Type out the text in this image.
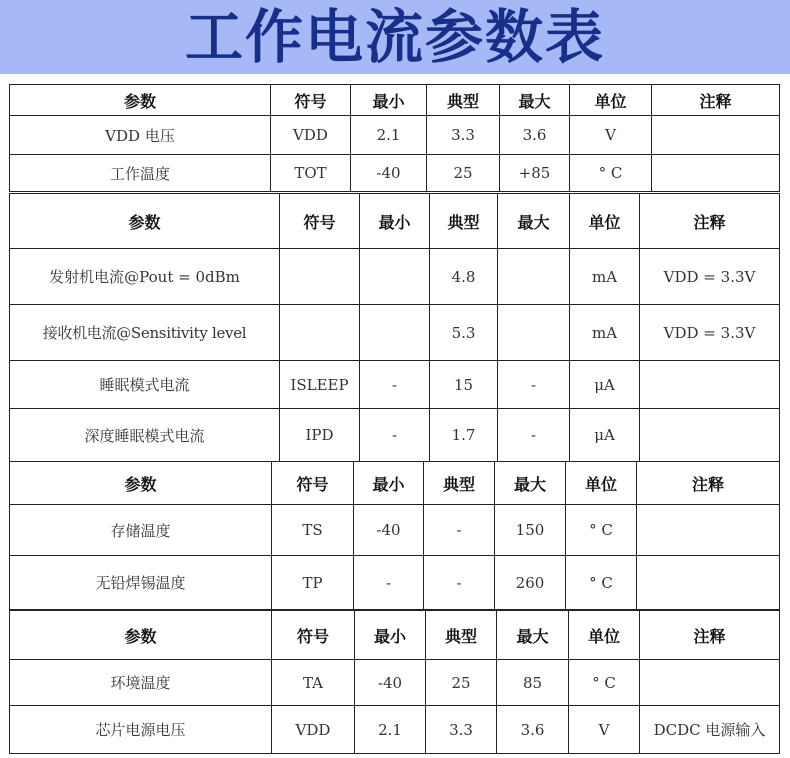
工作电流参数表
参数	符号	最小	典型	最大	单位	注释
VDD 电压	VDD	2.1	3.3	3.6	V	
工作温度	TOT	-40	25	+85	° C	
参数	符号	最小	典型	最大	单位	注释
发射机电流@Pout = 0dBm			4.8		mA	VDD = 3.3V
接收机电流@Sensitivity level			5.3		mA	VDD = 3.3V
睡眠模式电流	ISLEEP	-	15	-	μA	
深度睡眠模式电流	IPD	-	1.7	-	μA	
参数	符号	最小	典型	最大	单位	注释
存储温度	TS	-40	-	150	° C	
无铅焊锡温度	TP	-	-	260	° C	
参数	符号	最小	典型	最大	单位	注释
环境温度	TA	-40	25	85	° C	
芯片电源电压	VDD	2.1	3.3	3.6	V	DCDC 电源输入
